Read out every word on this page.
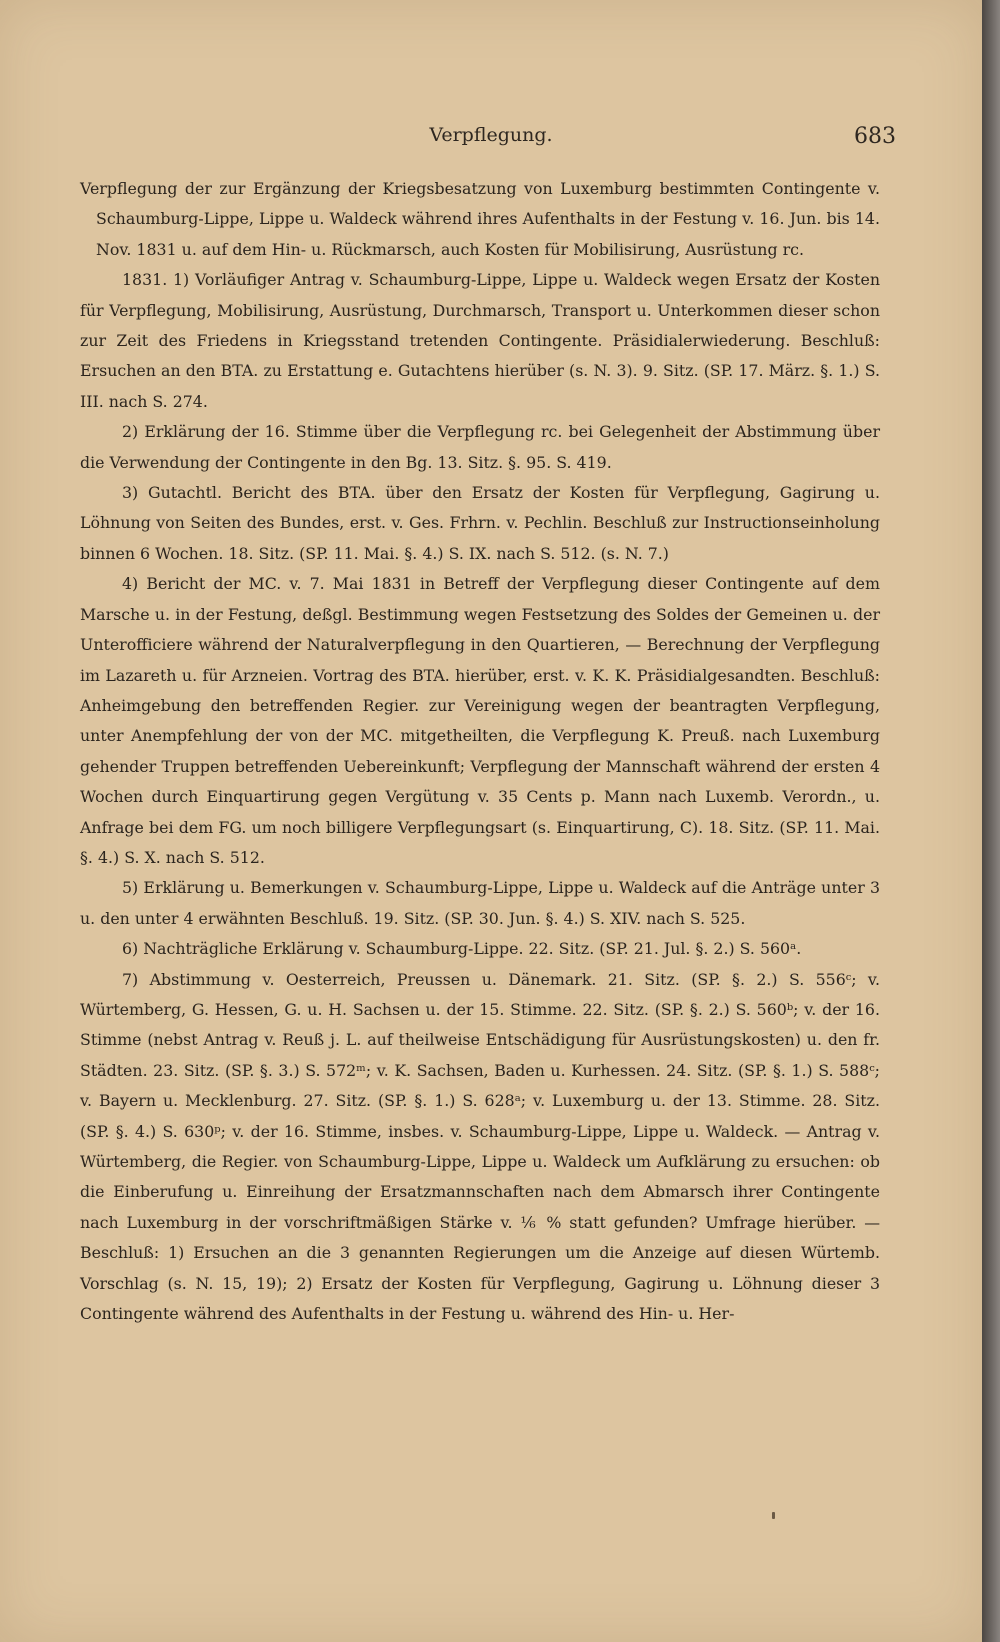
Verpflegung.	683

Verpflegung der zur Ergänzung der Kriegsbesatzung von Luxemburg bestimmten Contingente v. Schaumburg-Lippe, Lippe u. Waldeck während ihres Aufenthalts in der Festung v. 16. Jun. bis 14. Nov. 1831 u. auf dem Hin- u. Rückmarsch, auch Kosten für Mobilisirung, Ausrüstung rc.

1831. 1) Vorläufiger Antrag v. Schaumburg-Lippe, Lippe u. Waldeck wegen Ersatz der Kosten für Verpflegung, Mobilisirung, Ausrüstung, Durchmarsch, Transport u. Unterkommen dieser schon zur Zeit des Friedens in Kriegsstand tretenden Contingente. Präsidialerwiederung. Beschluß: Ersuchen an den BTA. zu Erstattung e. Gutachtens hierüber (s. N. 3). 9. Sitz. (SP. 17. März. §. 1.) S. III. nach S. 274.

2) Erklärung der 16. Stimme über die Verpflegung rc. bei Gelegenheit der Abstimmung über die Verwendung der Contingente in den Bg. 13. Sitz. §. 95. S. 419.

3) Gutachtl. Bericht des BTA. über den Ersatz der Kosten für Verpflegung, Gagirung u. Löhnung von Seiten des Bundes, erst. v. Ges. Frhrn. v. Pechlin. Beschluß zur Instructionseinholung binnen 6 Wochen. 18. Sitz. (SP. 11. Mai. §. 4.) S. IX. nach S. 512. (s. N. 7.)

4) Bericht der MC. v. 7. Mai 1831 in Betreff der Verpflegung dieser Contingente auf dem Marsche u. in der Festung, deßgl. Bestimmung wegen Festsetzung des Soldes der Gemeinen u. der Unterofficiere während der Naturalverpflegung in den Quartieren, — Berechnung der Verpflegung im Lazareth u. für Arzneien. Vortrag des BTA. hierüber, erst. v. K. K. Präsidialgesandten. Beschluß: Anheimgebung den betreffenden Regier. zur Vereinigung wegen der beantragten Verpflegung, unter Anempfehlung der von der MC. mitgetheilten, die Verpflegung K. Preuß. nach Luxemburg gehender Truppen betreffenden Uebereinkunft; Verpflegung der Mannschaft während der ersten 4 Wochen durch Einquartirung gegen Vergütung v. 35 Cents p. Mann nach Luxemb. Verordn., u. Anfrage bei dem FG. um noch billigere Verpflegungsart (s. Einquartirung, C). 18. Sitz. (SP. 11. Mai. §. 4.) S. X. nach S. 512.

5) Erklärung u. Bemerkungen v. Schaumburg-Lippe, Lippe u. Waldeck auf die Anträge unter 3 u. den unter 4 erwähnten Beschluß. 19. Sitz. (SP. 30. Jun. §. 4.) S. XIV. nach S. 525.

6) Nachträgliche Erklärung v. Schaumburg-Lippe. 22. Sitz. (SP. 21. Jul. §. 2.) S. 560ᵃ.

7) Abstimmung v. Oesterreich, Preussen u. Dänemark. 21. Sitz. (SP. §. 2.) S. 556ᶜ; v. Würtemberg, G. Hessen, G. u. H. Sachsen u. der 15. Stimme. 22. Sitz. (SP. §. 2.) S. 560ᵇ; v. der 16. Stimme (nebst Antrag v. Reuß j. L. auf theilweise Entschädigung für Ausrüstungskosten) u. den fr. Städten. 23. Sitz. (SP. §. 3.) S. 572ᵐ; v. K. Sachsen, Baden u. Kurhessen. 24. Sitz. (SP. §. 1.) S. 588ᶜ; v. Bayern u. Mecklenburg. 27. Sitz. (SP. §. 1.) S. 628ᵃ; v. Luxemburg u. der 13. Stimme. 28. Sitz. (SP. §. 4.) S. 630ᵖ; v. der 16. Stimme, insbes. v. Schaumburg-Lippe, Lippe u. Waldeck. — Antrag v. Würtemberg, die Regier. von Schaumburg-Lippe, Lippe u. Waldeck um Aufklärung zu ersuchen: ob die Einberufung u. Einreihung der Ersatzmannschaften nach dem Abmarsch ihrer Contingente nach Luxemburg in der vorschriftmäßigen Stärke v. ⅙ % statt gefunden? Umfrage hierüber. — Beschluß: 1) Ersuchen an die 3 genannten Regierungen um die Anzeige auf diesen Würtemb. Vorschlag (s. N. 15, 19); 2) Ersatz der Kosten für Verpflegung, Gagirung u. Löhnung dieser 3 Contingente während des Aufenthalts in der Festung u. während des Hin- u. Her-
